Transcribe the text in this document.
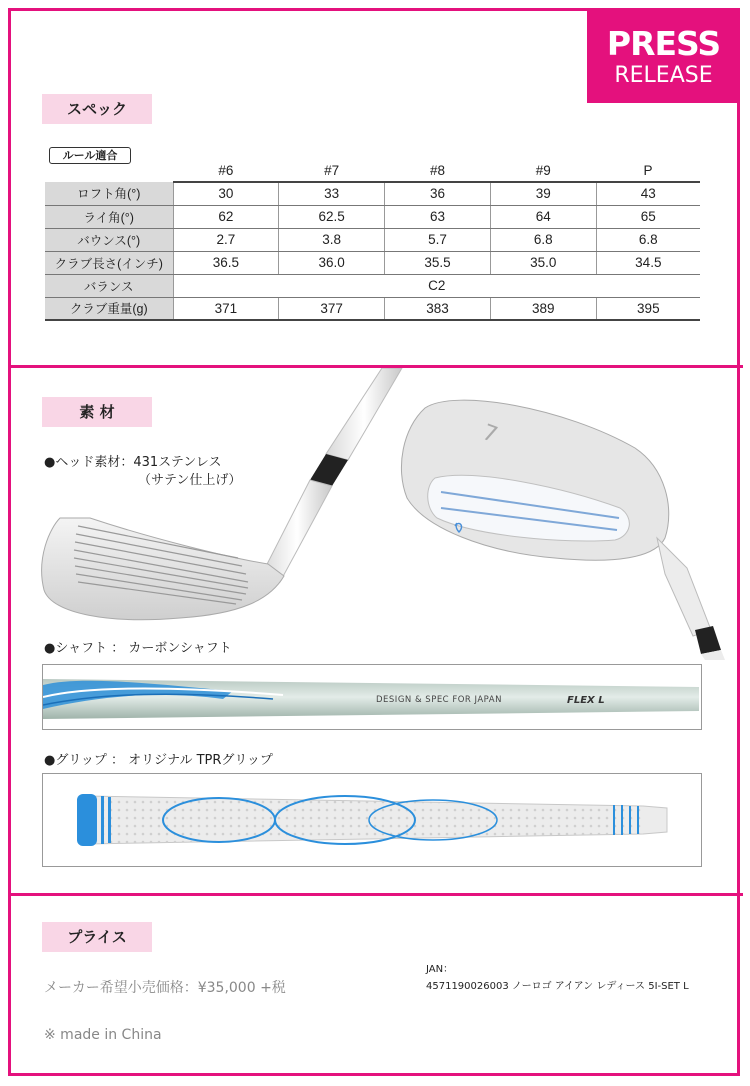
PRESS
RELEASE
スペック
ルール適合
	#6	#7	#8	#9	P
ロフト角(°)	30	33	36	39	43
ライ角(°)	62	62.5	63	64	65
バウンス(°)	2.7	3.8	5.7	6.8	6.8
クラブ長さ(インチ)	36.5	36.0	35.5	35.0	34.5
バランス	C2				
クラブ重量(g)	371	377	383	389	395
素 材
●ヘッド素材：431ステンレス
（サテン仕上げ）
7
●シャフト ： カーボンシャフト
DESIGN & SPEC FOR JAPAN	FLEX L
●グリップ ： オリジナル TPRグリップ
プライス
メーカー希望小売価格：¥35,000 +税
JAN：
4571190026003 ノーロゴ アイアン レディース 5I-SET L
※ made in China
